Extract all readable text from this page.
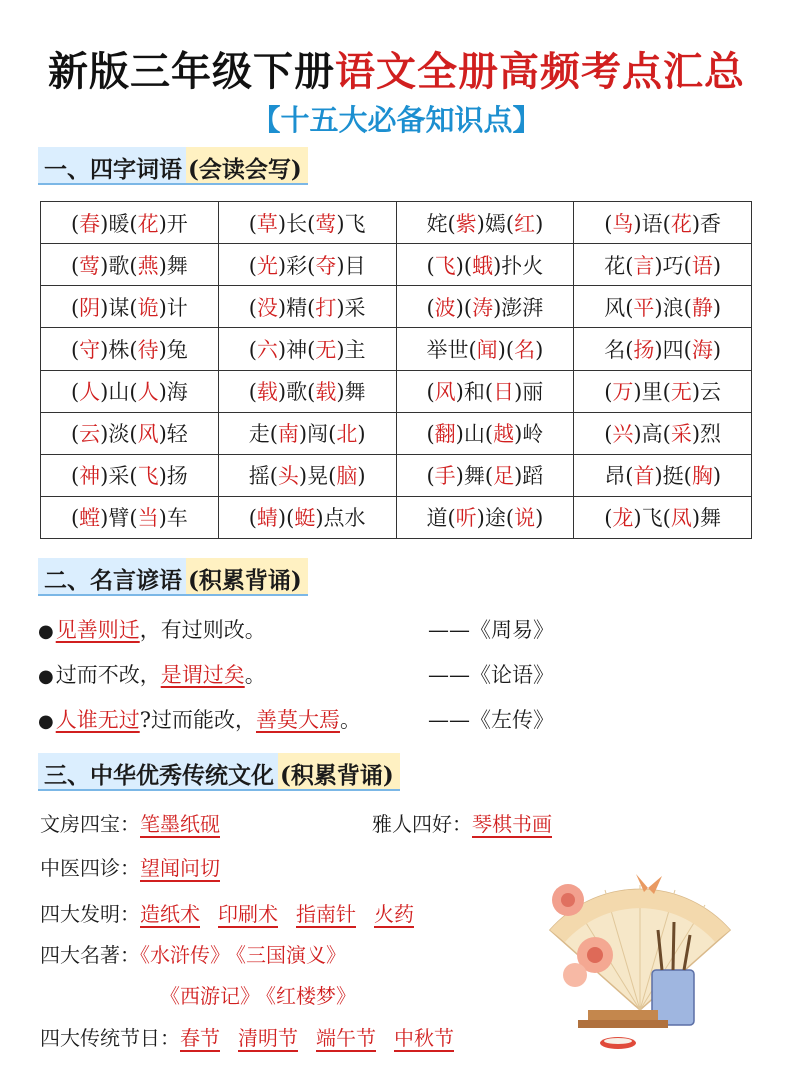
新版三年级下册语文全册高频考点汇总
【十五大必备知识点】
一、四字词语 (会读会写)
(春)暖(花)开	(草)长(莺)飞	姹(紫)嫣(红)	(鸟)语(花)香
(莺)歌(燕)舞	(光)彩(夺)目	(飞)(蛾)扑火	花(言)巧(语)
(阴)谋(诡)计	(没)精(打)采	(波)(涛)澎湃	风(平)浪(静)
(守)株(待)兔	(六)神(无)主	举世(闻)(名)	名(扬)四(海)
(人)山(人)海	(载)歌(载)舞	(风)和(日)丽	(万)里(无)云
(云)淡(风)轻	走(南)闯(北)	(翻)山(越)岭	(兴)高(采)烈
(神)采(飞)扬	摇(头)晃(脑)	(手)舞(足)蹈	昂(首)挺(胸)
(螳)臂(当)车	(蜻)(蜓)点水	道(听)途(说)	(龙)飞(凤)舞
二、名言谚语 (积累背诵)
●见善则迁，有过则改。	——《周易》
●过而不改，是谓过矣。	——《论语》
●人谁无过?过而能改，善莫大焉。	——《左传》
三、中华优秀传统文化 (积累背诵)
文房四宝：笔墨纸砚	雅人四好：琴棋书画
中医四诊：望闻问切
四大发明：造纸术 印刷术 指南针 火药
四大名著：《水浒传》 《三国演义》
《西游记》 《红楼梦》
四大传统节日：春节 清明节 端午节 中秋节
